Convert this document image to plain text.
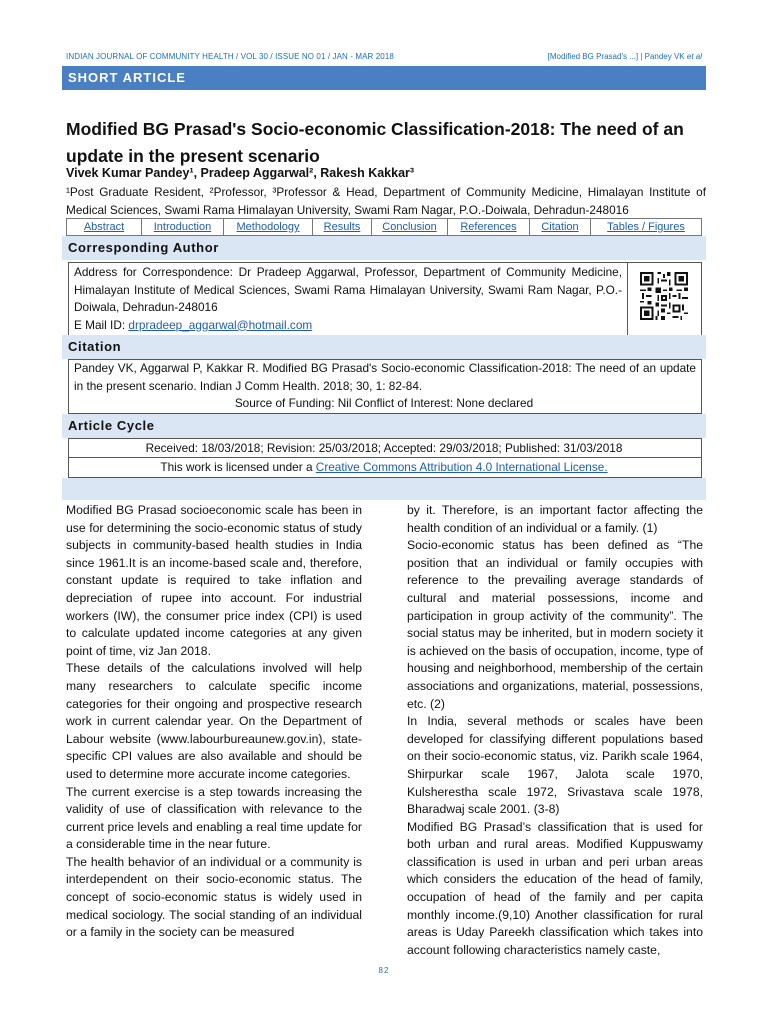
INDIAN JOURNAL OF COMMUNITY HEALTH / VOL 30 / ISSUE NO 01 / JAN - MAR 2018	[Modified BG Prasad's ...] | Pandey VK et al
SHORT ARTICLE
Modified BG Prasad's Socio-economic Classification-2018: The need of an update in the present scenario
Vivek Kumar Pandey¹, Pradeep Aggarwal², Rakesh Kakkar³
¹Post Graduate Resident, ²Professor, ³Professor & Head, Department of Community Medicine, Himalayan Institute of Medical Sciences, Swami Rama Himalayan University, Swami Ram Nagar, P.O.-Doiwala, Dehradun-248016
Abstract	Introduction Methodology Results Conclusion References Citation	Tables / Figures
Corresponding Author
Address for Correspondence: Dr Pradeep Aggarwal, Professor, Department of Community Medicine, Himalayan Institute of Medical Sciences, Swami Rama Himalayan University, Swami Ram Nagar, P.O.-Doiwala, Dehradun-248016
E Mail ID: drpradeep_aggarwal@hotmail.com
Citation
Pandey VK, Aggarwal P, Kakkar R. Modified BG Prasad's Socio-economic Classification-2018: The need of an update in the present scenario. Indian J Comm Health. 2018; 30, 1: 82-84.
Source of Funding: Nil Conflict of Interest: None declared
Article Cycle
Received: 18/03/2018; Revision: 25/03/2018; Accepted: 29/03/2018; Published: 31/03/2018
This work is licensed under a Creative Commons Attribution 4.0 International License.

Modified BG Prasad socioeconomic scale has been in use for determining the socio-economic status of study subjects in community-based health studies in India since 1961.It is an income-based scale and, therefore, constant update is required to take inflation and depreciation of rupee into account. For industrial workers (IW), the consumer price index (CPI) is used to calculate updated income categories at any given point of time, viz Jan 2018.

These details of the calculations involved will help many researchers to calculate specific income categories for their ongoing and prospective research work in current calendar year. On the Department of Labour website (www.labourbureaunew.gov.in), state-specific CPI values are also available and should be used to determine more accurate income categories.

The current exercise is a step towards increasing the validity of use of classification with relevance to the current price levels and enabling a real time update for a considerable time in the near future.

The health behavior of an individual or a community is interdependent on their socio-economic status. The concept of socio-economic status is widely used in medical sociology. The social standing of an individual or a family in the society can be measured

by it. Therefore, is an important factor affecting the health condition of an individual or a family. (1)

Socio-economic status has been defined as “The position that an individual or family occupies with reference to the prevailing average standards of cultural and material possessions, income and participation in group activity of the community”. The social status may be inherited, but in modern society it is achieved on the basis of occupation, income, type of housing and neighborhood, membership of the certain associations and organizations, material, possessions, etc. (2)

In India, several methods or scales have been developed for classifying different populations based on their socio-economic status, viz. Parikh scale 1964, Shirpurkar scale 1967, Jalota scale 1970, Kulsherestha scale 1972, Srivastava scale 1978, Bharadwaj scale 2001. (3-8)

Modified BG Prasad’s classification that is used for both urban and rural areas. Modified Kuppuswamy classification is used in urban and peri urban areas which considers the education of the head of family, occupation of head of the family and per capita monthly income.(9,10) Another classification for rural areas is Uday Pareekh classification which takes into account following characteristics namely caste,

82
